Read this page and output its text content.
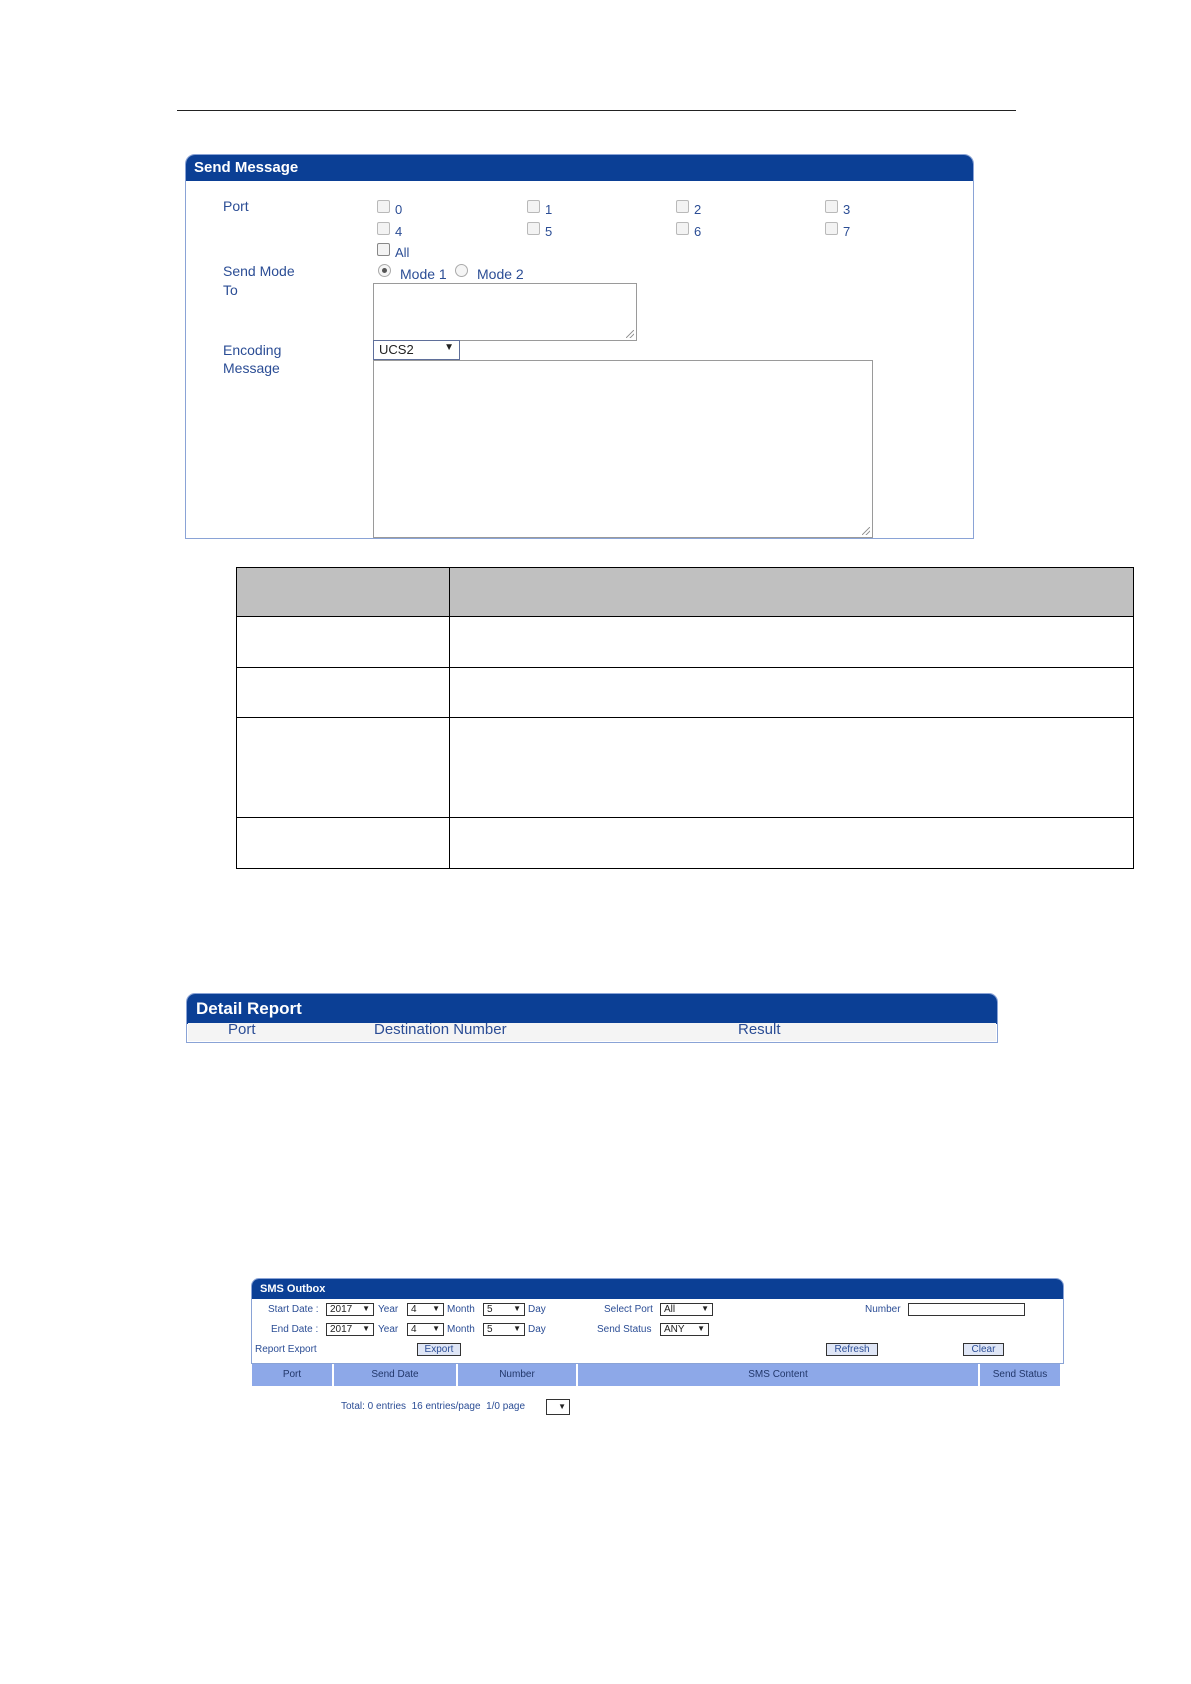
Send Message
Port	0	1	2	3
4	5	6	7
All
Send Mode	Mode 1 Mode 2
To
Encoding	UCS2	▼
Message

Detail Report
Port	Destination Number	Result
SMS Outbox
Start Date : 2017 ▼ Year 4 ▼ Month 5	▼ Day	Select Port All	▼	Number
End Date : 2017 ▼ Year 4 ▼ Month 5	▼ Day	Send Status ANY ▼
Report Export	Export	Refresh	Clear
Port	Send Date	Number	SMS Content	Send Status
Total: 0 entries  16 entries/page  1/0 page	▼
